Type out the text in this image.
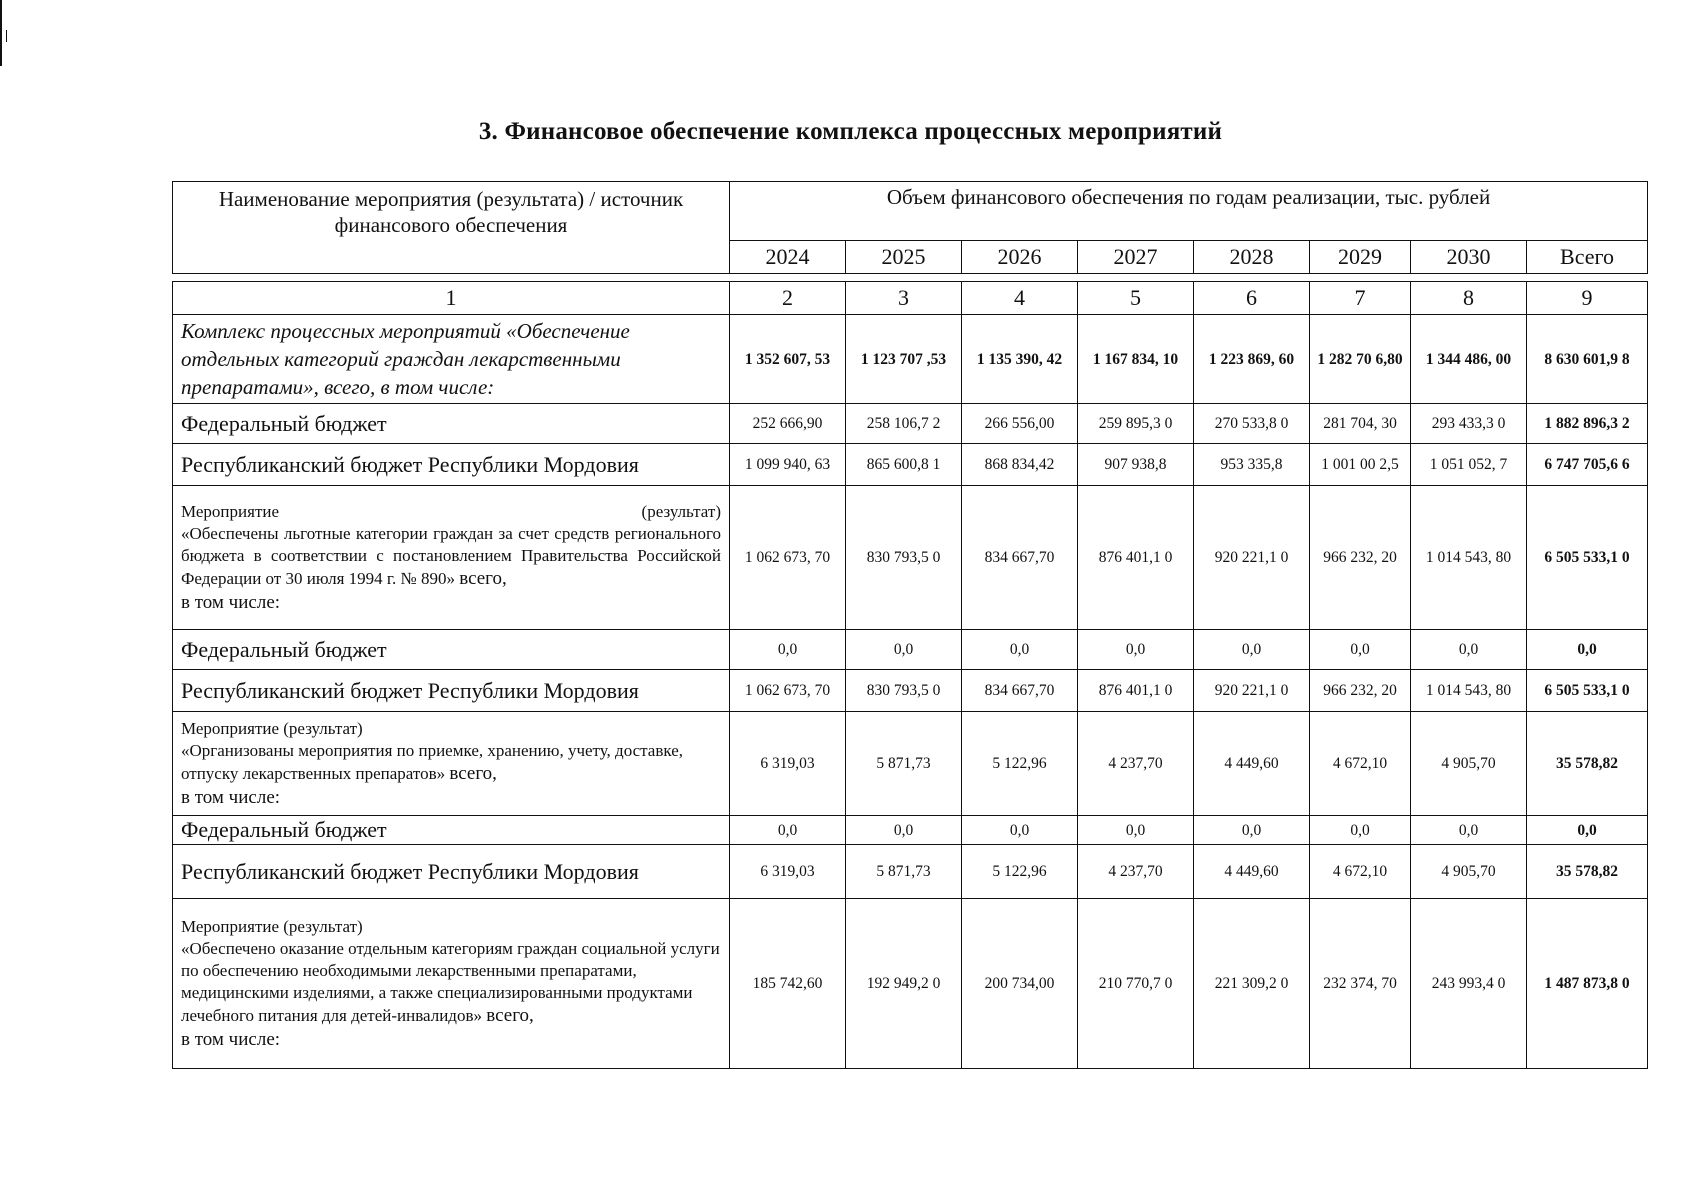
3. Финансовое обеспечение комплекса процессных мероприятий
Наименование мероприятия (результата) / источник финансового обеспечения	Объем финансового обеспечения по годам реализации, тыс. рублей							
	2024	2025	2026	2027	2028	2029	2030	Всего
1	2	3	4	5	6	7	8	9

Комплекс процессных мероприятий «Обеспечение отдельных категорий граждан лекарственными препаратами», всего, в том числе:	1 352 607, 53	1 123 707 ,53	1 135 390, 42	1 167 834, 10	1 223 869, 60	1 282 70 6,80	1 344 486, 00	8 630 601,9 8

Федеральный бюджет	252 666,90	258 106,7 2	266 556,00	259 895,3 0	270 533,8 0	281 704, 30	293 433,3 0	1 882 896,3 2

Республиканский бюджет Республики Мордовия	1 099 940, 63	865 600,8 1	868 834,42	907 938,8	953 335,8	1 001 00 2,5	1 051 052, 7	6 747 705,6 6

Мероприятие (результат)
«Обеспечены льготные категории граждан за счет средств регионального бюджета в соответствии с постановлением Правительства Российской Федерации от 30 июля 1994 г. № 890» всего,
в том числе:	1 062 673, 70	830 793,5 0	834 667,70	876 401,1 0	920 221,1 0	966 232, 20	1 014 543, 80	6 505 533,1 0

Федеральный бюджет	0,0	0,0	0,0	0,0	0,0	0,0	0,0	0,0

Республиканский бюджет Республики Мордовия	1 062 673, 70	830 793,5 0	834 667,70	876 401,1 0	920 221,1 0	966 232, 20	1 014 543, 80	6 505 533,1 0

Мероприятие (результат)
«Организованы мероприятия по приемке, хранению, учету, доставке, отпуску лекарственных препаратов» всего,
в том числе:	6 319,03	5 871,73	5 122,96	4 237,70	4 449,60	4 672,10	4 905,70	35 578,82

Федеральный бюджет	0,0	0,0	0,0	0,0	0,0	0,0	0,0	0,0

Республиканский бюджет Республики Мордовия	6 319,03	5 871,73	5 122,96	4 237,70	4 449,60	4 672,10	4 905,70	35 578,82

Мероприятие (результат)
«Обеспечено оказание отдельным категориям граждан социальной услуги по обеспечению необходимыми лекарственными препаратами, медицинскими изделиями, а также специализированными продуктами лечебного питания для детей-инвалидов» всего,
в том числе:	185 742,60	192 949,2 0	200 734,00	210 770,7 0	221 309,2 0	232 374, 70	243 993,4 0	1 487 873,8 0
